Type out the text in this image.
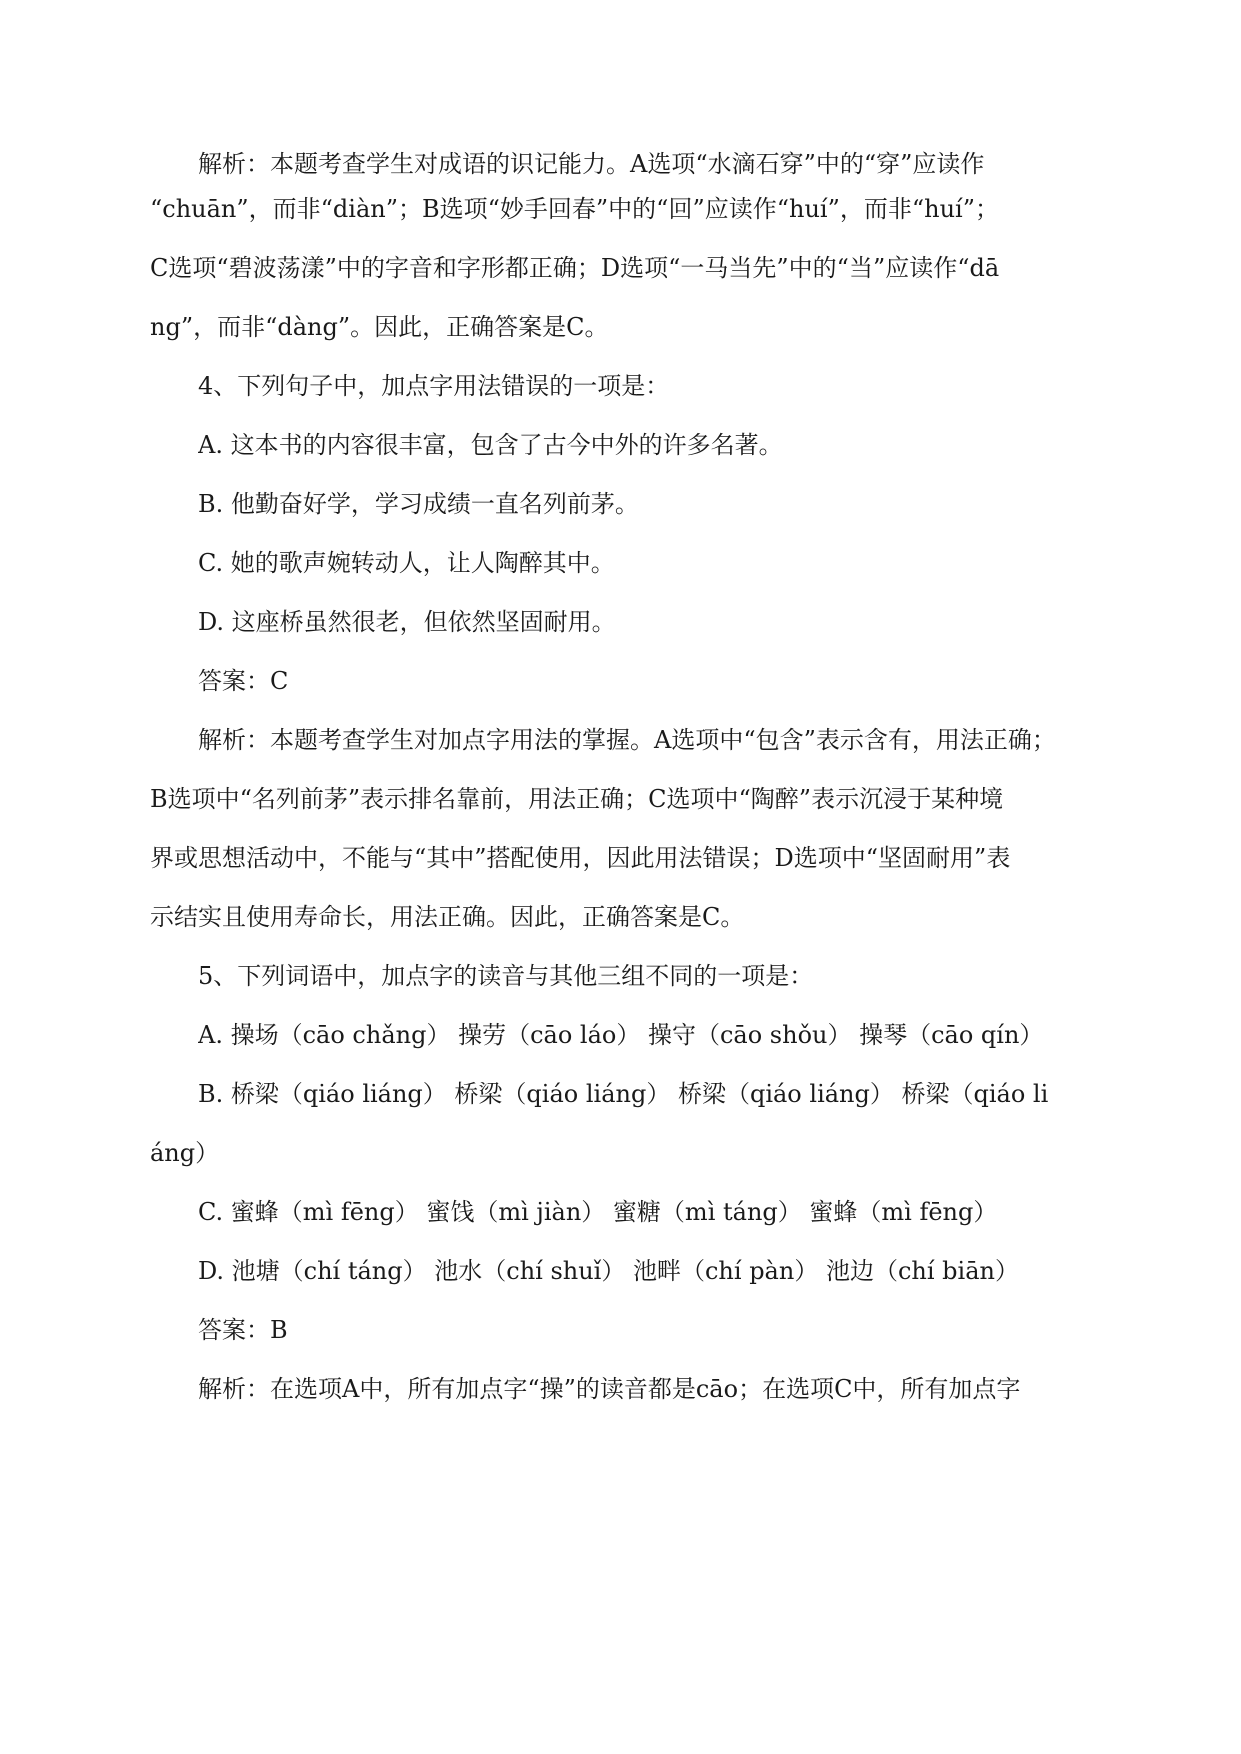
解析：本题考查学生对成语的识记能力。A选项“水滴石穿”中的“穿”应读作
“chuān”，而非“diàn”；B选项“妙手回春”中的“回”应读作“huí”，而非“huí”；
C选项“碧波荡漾”中的字音和字形都正确；D选项“一马当先”中的“当”应读作“dā
ng”，而非“dàng”。因此，正确答案是C。
4、下列句子中，加点字用法错误的一项是：
A. 这本书的内容很丰富，包含了古今中外的许多名著。
B. 他勤奋好学，学习成绩一直名列前茅。
C. 她的歌声婉转动人，让人陶醉其中。
D. 这座桥虽然很老，但依然坚固耐用。
答案：C
解析：本题考查学生对加点字用法的掌握。A选项中“包含”表示含有，用法正确；
B选项中“名列前茅”表示排名靠前，用法正确；C选项中“陶醉”表示沉浸于某种境
界或思想活动中，不能与“其中”搭配使用，因此用法错误；D选项中“坚固耐用”表
示结实且使用寿命长，用法正确。因此，正确答案是C。
5、下列词语中，加点字的读音与其他三组不同的一项是：
A. 操场（cāo chǎng） 操劳（cāo láo） 操守（cāo shǒu） 操琴（cāo qín）
B. 桥梁（qiáo liáng） 桥梁（qiáo liáng） 桥梁（qiáo liáng） 桥梁（qiáo li
áng）
C. 蜜蜂（mì fēng） 蜜饯（mì jiàn） 蜜糖（mì táng） 蜜蜂（mì fēng）
D. 池塘（chí táng） 池水（chí shuǐ） 池畔（chí pàn） 池边（chí biān）
答案：B
解析：在选项A中，所有加点字“操”的读音都是cāo；在选项C中，所有加点字
